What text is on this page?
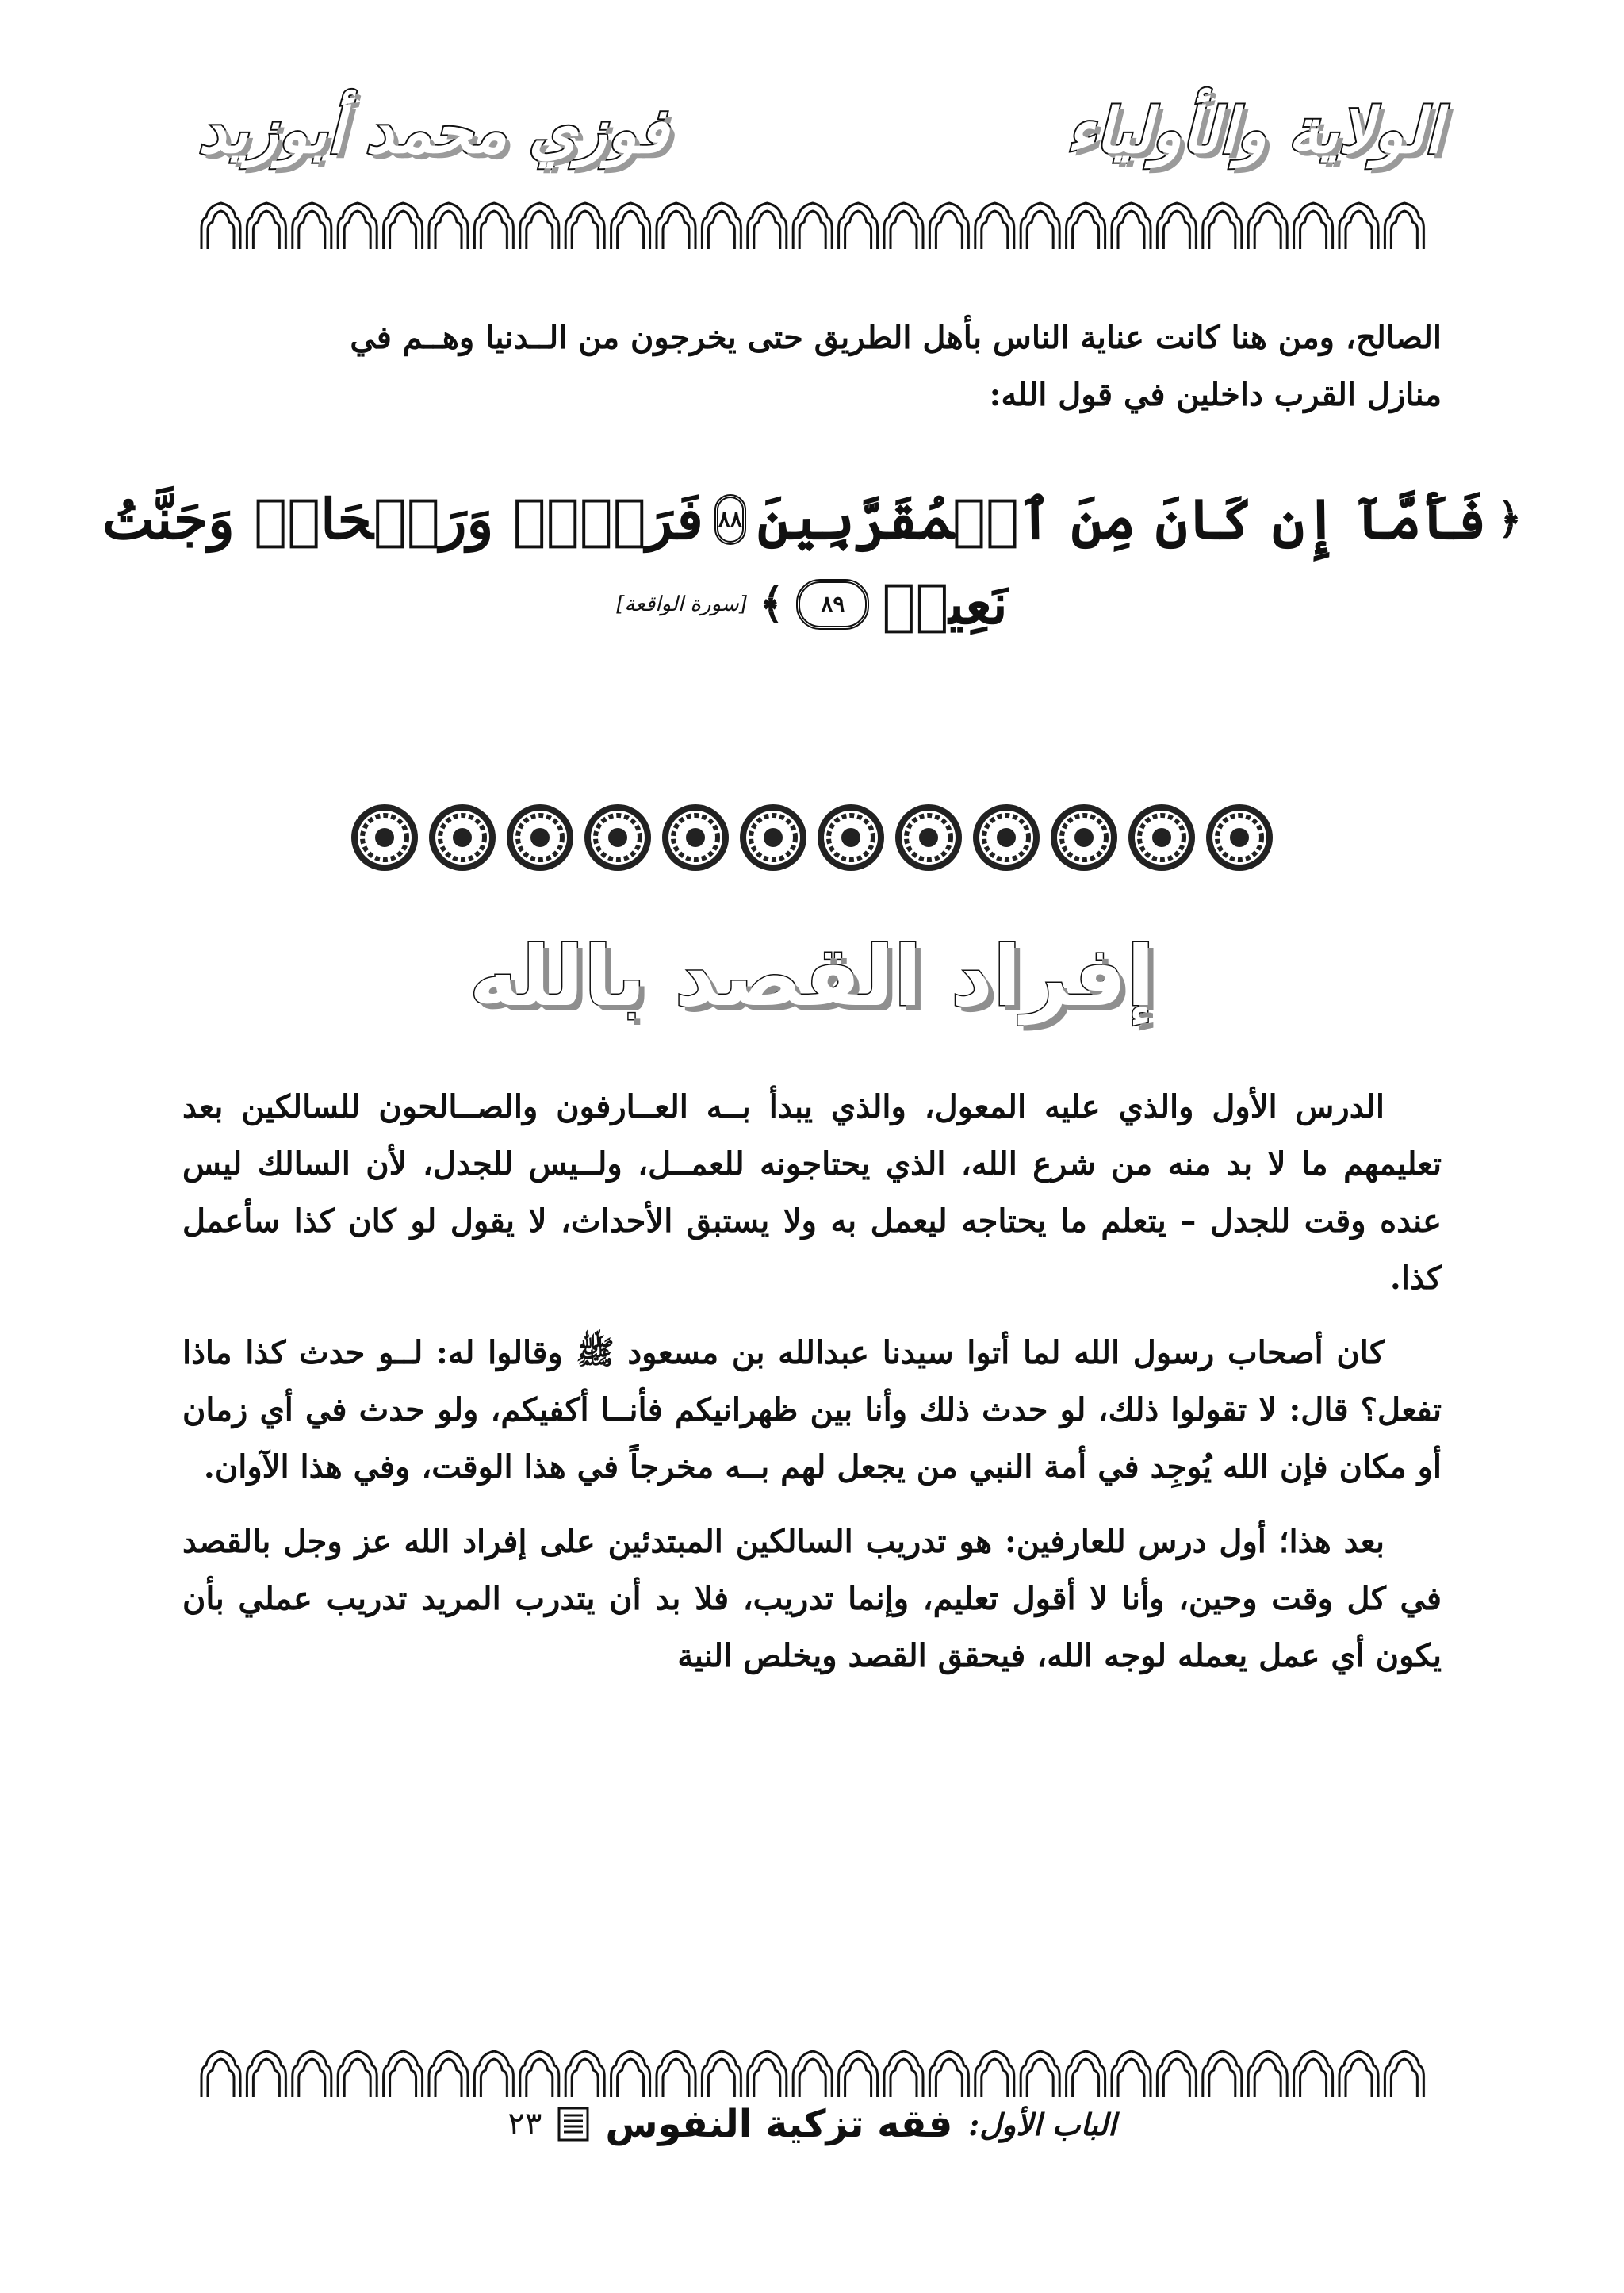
الولاية والأولياء
فوزي محمد أبوزيد
الصالح، ومن هنا كانت عناية الناس بأهل الطريق حتى يخرجون من الــدنيا وهــم في
منازل القرب داخلين في قول الله:
﴿
فَأَمَّآ إِن كَانَ مِنَ ٱلۡمُقَرَّبِينَ
٨٨
فَرَوۡحٞ وَرَيۡحَانٞ وَجَنَّتُ
نَعِيمٖ
٨٩
﴾
[سورة الواقعة]
إفراد القصد بالله

الدرس الأول والذي عليه المعول، والذي يبدأ بــه العــارفون والصــالحون للسالكين بعد تعليمهم ما لا بد منه من شرع الله، الذي يحتاجونه للعمــل، ولــيس للجدل، لأن السالك ليس عنده وقت للجدل – يتعلم ما يحتاجه ليعمل به ولا يستبق الأحداث، لا يقول لو كان كذا سأعمل كذا.

كان أصحاب رسول الله لما أتوا سيدنا عبدالله بن مسعود ﷺ وقالوا له: لــو حدث كذا ماذا تفعل؟ قال: لا تقولوا ذلك، لو حدث ذلك وأنا بين ظهرانيكم فأنــا أكفيكم، ولو حدث في أي زمان أو مكان فإن الله يُوجِد في أمة النبي من يجعل لهم بــه مخرجاً في هذا الوقت، وفي هذا الآوان.

بعد هذا؛ أول درس للعارفين: هو تدريب السالكين المبتدئين على إفراد الله عز وجل بالقصد في كل وقت وحين، وأنا لا أقول تعليم، وإنما تدريب، فلا بد أن يتدرب المريد تدريب عملي بأن يكون أي عمل يعمله لوجه الله، فيحقق القصد ويخلص النية

الباب الأول:
فقه تزكية النفوس
٢٣
